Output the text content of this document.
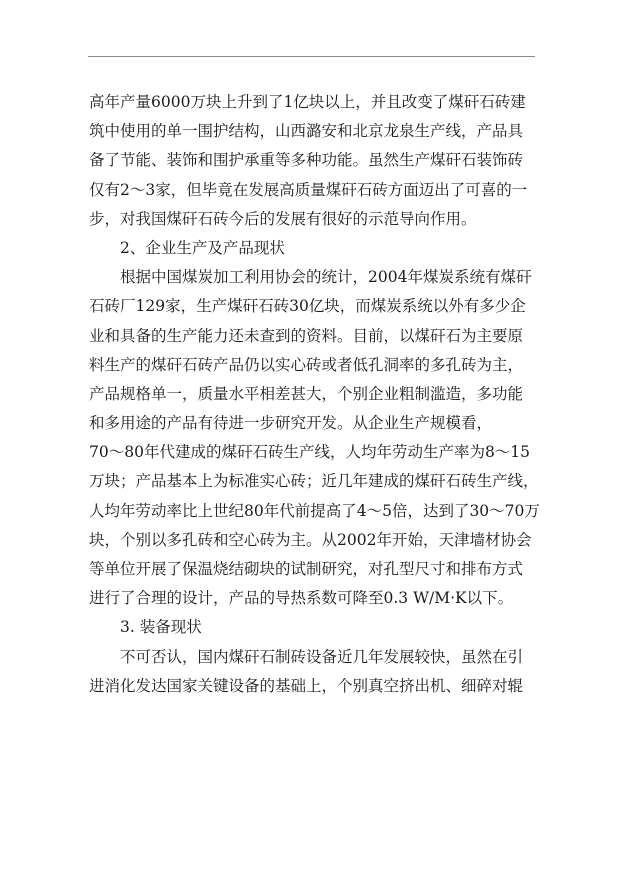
高年产量6000万块上升到了1亿块以上，并且改变了煤矸石砖建
筑中使用的单一围护结构，山西潞安和北京龙泉生产线，产品具
备了节能、装饰和围护承重等多种功能。虽然生产煤矸石装饰砖
仅有2～3家，但毕竟在发展高质量煤矸石砖方面迈出了可喜的一
步，对我国煤矸石砖今后的发展有很好的示范导向作用。
2、企业生产及产品现状
根据中国煤炭加工利用协会的统计，2004年煤炭系统有煤矸
石砖厂129家，生产煤矸石砖30亿块，而煤炭系统以外有多少企
业和具备的生产能力还未查到的资料。目前，以煤矸石为主要原
料生产的煤矸石砖产品仍以实心砖或者低孔洞率的多孔砖为主，
产品规格单一，质量水平相差甚大，个别企业粗制滥造，多功能
和多用途的产品有待进一步研究开发。从企业生产规模看，
70～80年代建成的煤矸石砖生产线，人均年劳动生产率为8～15
万块；产品基本上为标准实心砖；近几年建成的煤矸石砖生产线，
人均年劳动率比上世纪80年代前提高了4～5倍，达到了30～70万
块，个别以多孔砖和空心砖为主。从2002年开始，天津墙材协会
等单位开展了保温烧结砌块的试制研究，对孔型尺寸和排布方式
进行了合理的设计，产品的导热系数可降至0.3 W/M·K以下。
3. 装备现状
不可否认，国内煤矸石制砖设备近几年发展较快，虽然在引
进消化发达国家关键设备的基础上，个别真空挤出机、细碎对辊
